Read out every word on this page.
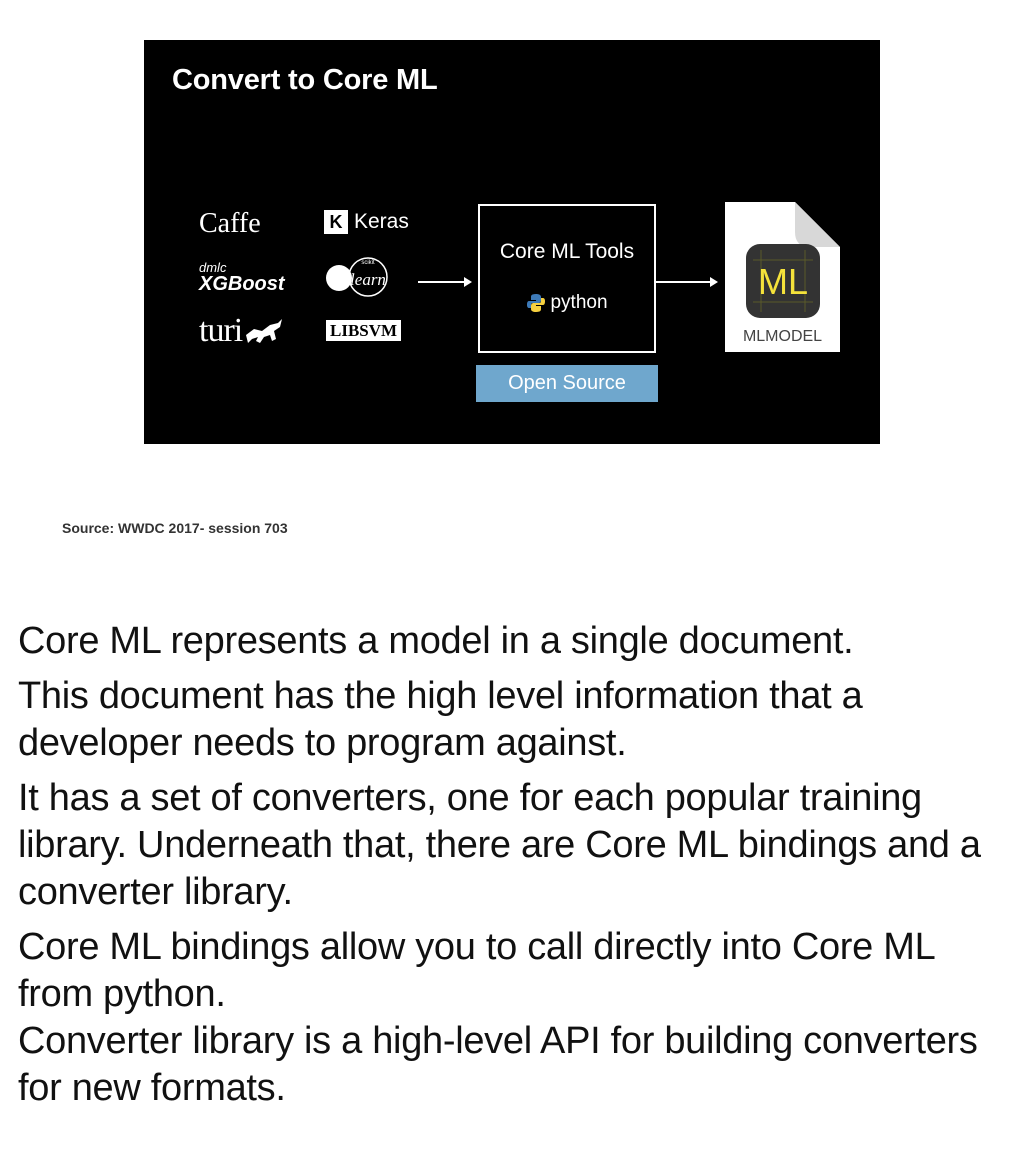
Convert to Core ML
Caffe	K Keras
dmlc
XGBoost
scikit
learn
turi	LIBSVM
Core ML Tools
python
Open Source
ML
MLMODEL
Source: WWDC 2017- session 703

Core ML represents a model in a single document.

This document has the high level information that a developer needs to program against.

It has a set of converters, one for each popular training library. Underneath that, there are Core ML bindings and a converter library.

Core ML bindings allow you to call directly into Core ML from python.

Converter library is a high-level API for building converters for new formats.
